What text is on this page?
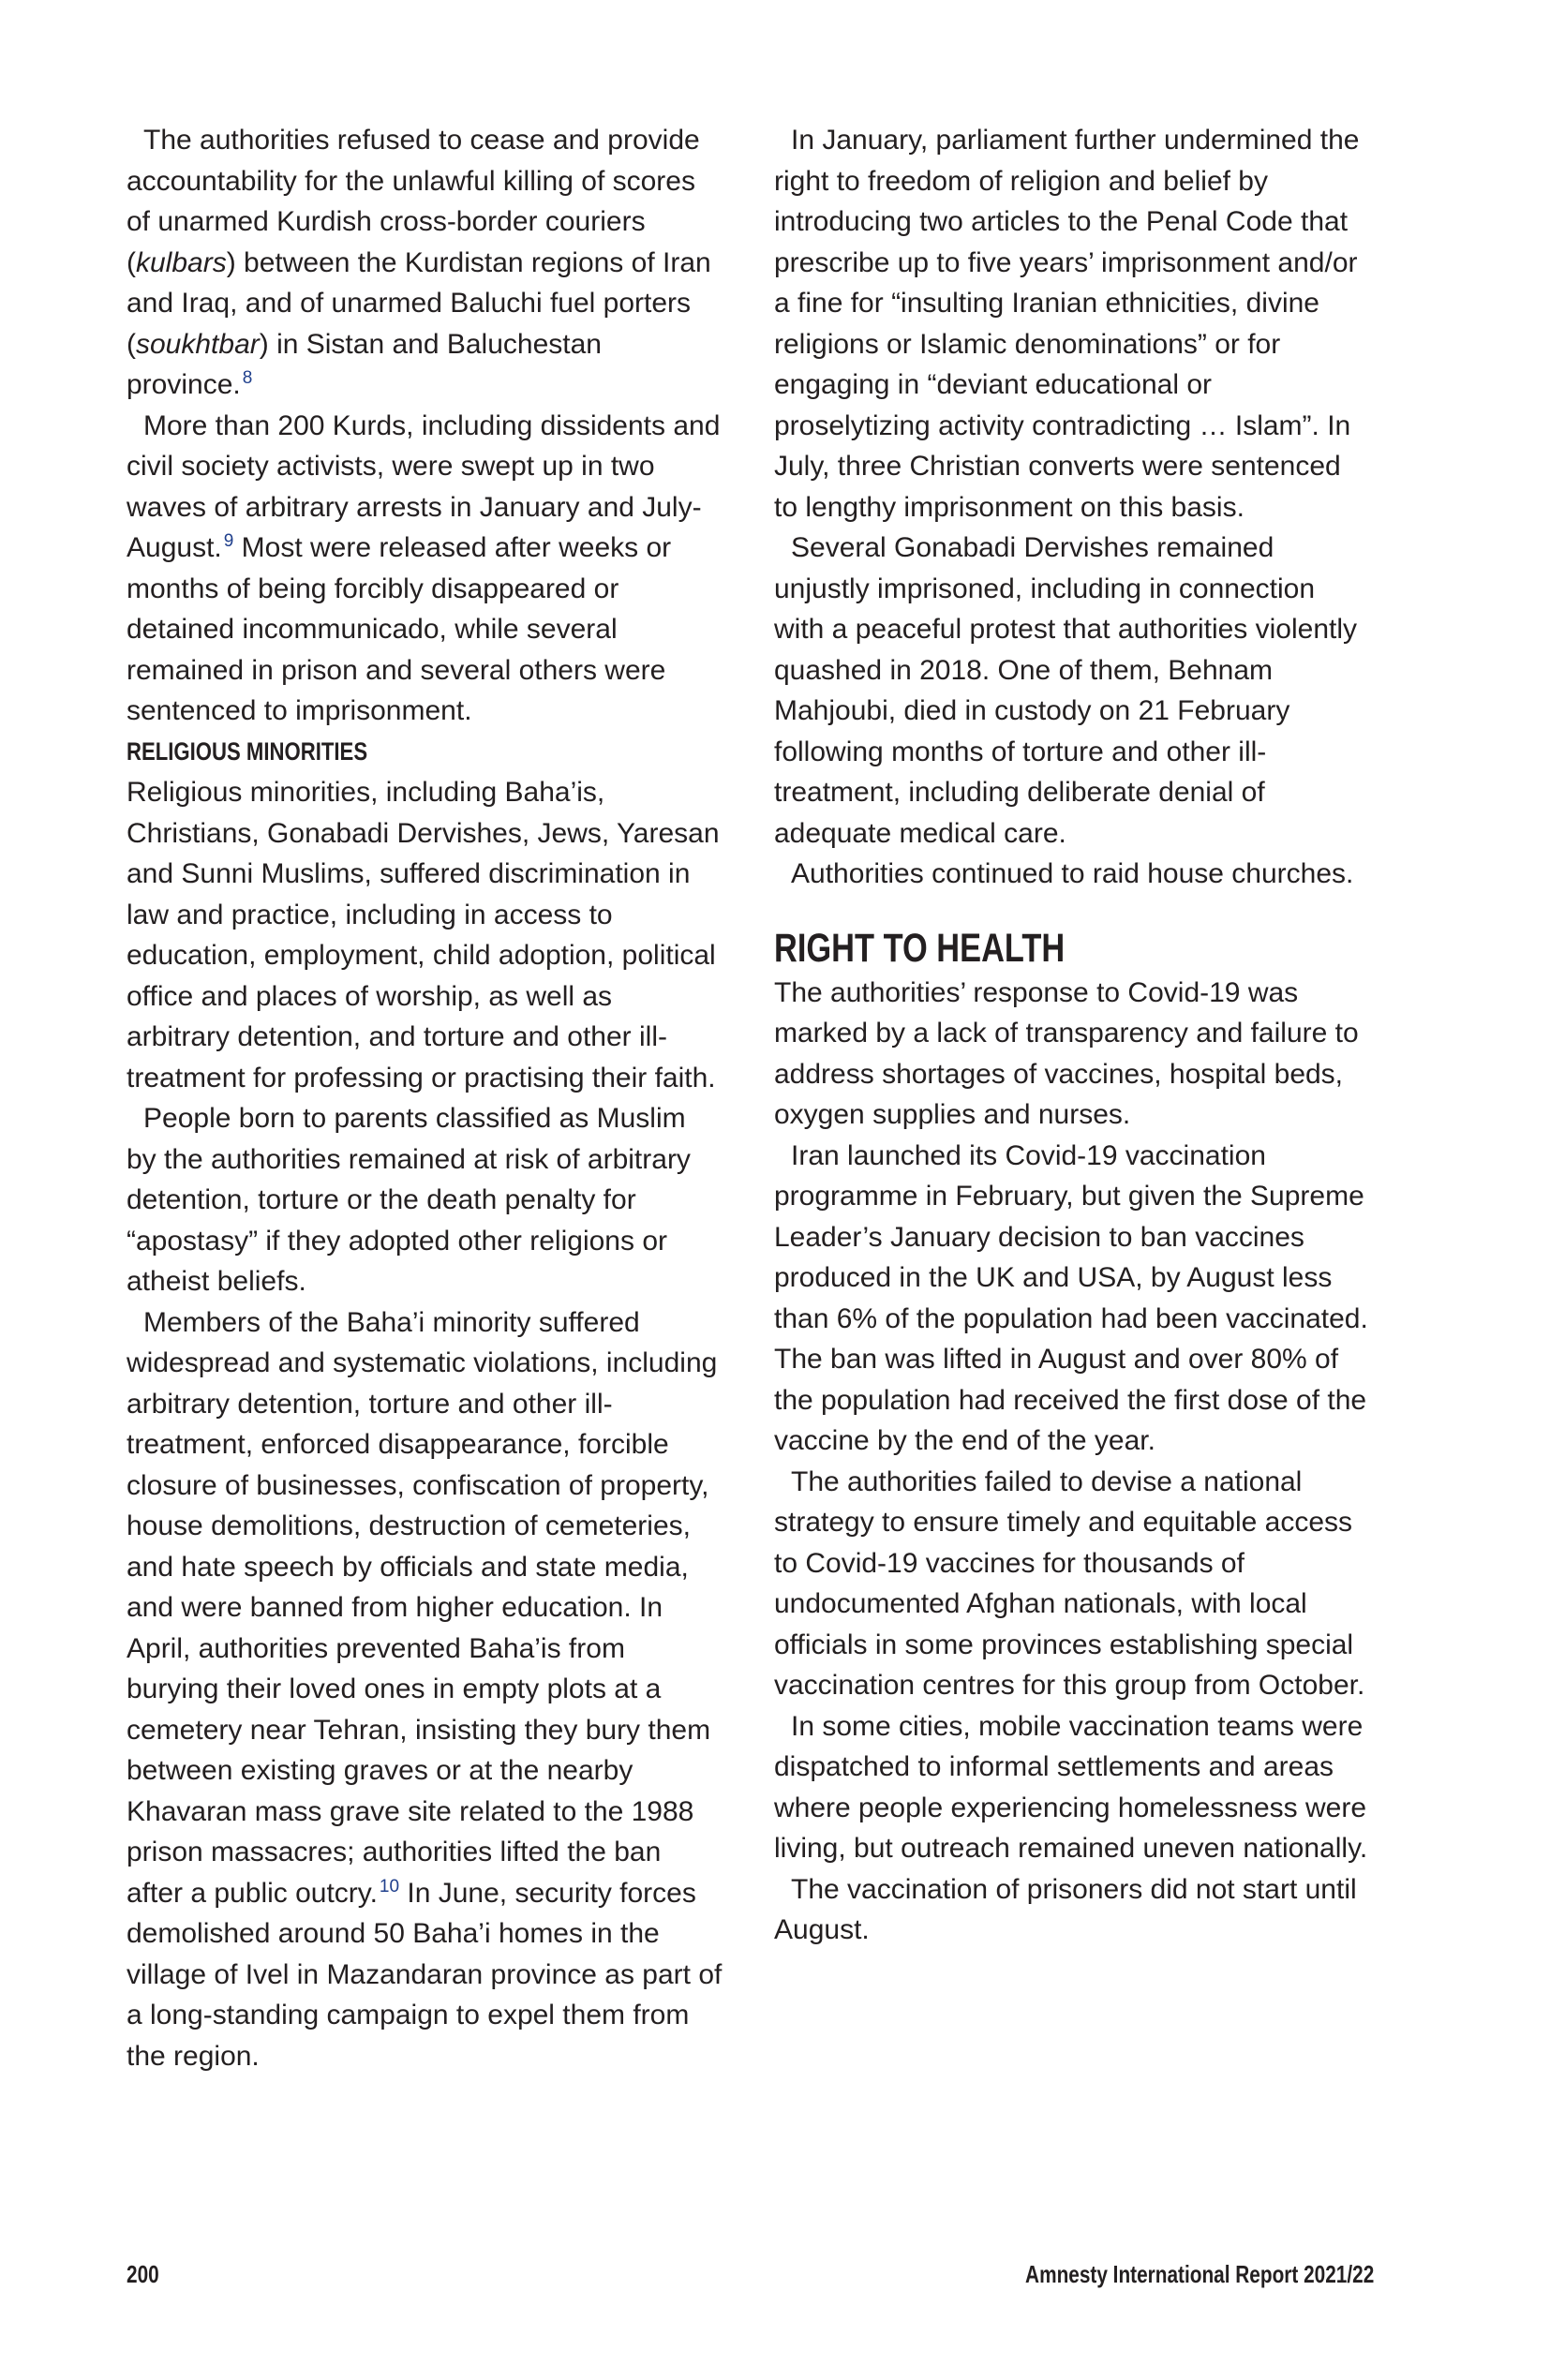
The authorities refused to cease and provide accountability for the unlawful killing of scores of unarmed Kurdish cross-border couriers (kulbars) between the Kurdistan regions of Iran and Iraq, and of unarmed Baluchi fuel porters (soukhtbar) in Sistan and Baluchestan province. $^8$

More than 200 Kurds, including dissidents and civil society activists, were swept up in two waves of arbitrary arrests in January and July-August. $^9$ Most were released after weeks or months of being forcibly disappeared or detained incommunicado, while several remained in prison and several others were sentenced to imprisonment.

RELIGIOUS MINORITIES

Religious minorities, including Baha’is, Christians, Gonabadi Dervishes, Jews, Yaresan and Sunni Muslims, suffered discrimination in law and practice, including in access to education, employment, child adoption, political office and places of worship, as well as arbitrary detention, and torture and other ill-treatment for professing or practising their faith.

People born to parents classified as Muslim by the authorities remained at risk of arbitrary detention, torture or the death penalty for “apostasy” if they adopted other religions or atheist beliefs.

Members of the Baha’i minority suffered widespread and systematic violations, including arbitrary detention, torture and other ill-treatment, enforced disappearance, forcible closure of businesses, confiscation of property, house demolitions, destruction of cemeteries, and hate speech by officials and state media, and were banned from higher education. In April, authorities prevented Baha’is from burying their loved ones in empty plots at a cemetery near Tehran, insisting they bury them between existing graves or at the nearby Khavaran mass grave site related to the 1988 prison massacres; authorities lifted the ban after a public outcry. $^{10}$ In June, security forces demolished around 50 Baha’i homes in the village of Ivel in Mazandaran province as part of a long-standing campaign to expel them from the region.

In January, parliament further undermined the right to freedom of religion and belief by introducing two articles to the Penal Code that prescribe up to five years’ imprisonment and/or a fine for “insulting Iranian ethnicities, divine religions or Islamic denominations” or for engaging in “deviant educational or proselytizing activity contradicting … Islam”. In July, three Christian converts were sentenced to lengthy imprisonment on this basis.

Several Gonabadi Dervishes remained unjustly imprisoned, including in connection with a peaceful protest that authorities violently quashed in 2018. One of them, Behnam Mahjoubi, died in custody on 21 February following months of torture and other ill-treatment, including deliberate denial of adequate medical care.

Authorities continued to raid house churches.

RIGHT TO HEALTH

The authorities’ response to Covid-19 was marked by a lack of transparency and failure to address shortages of vaccines, hospital beds, oxygen supplies and nurses.

Iran launched its Covid-19 vaccination programme in February, but given the Supreme Leader’s January decision to ban vaccines produced in the UK and USA, by August less than 6% of the population had been vaccinated. The ban was lifted in August and over 80% of the population had received the first dose of the vaccine by the end of the year.

The authorities failed to devise a national strategy to ensure timely and equitable access to Covid-19 vaccines for thousands of undocumented Afghan nationals, with local officials in some provinces establishing special vaccination centres for this group from October.

In some cities, mobile vaccination teams were dispatched to informal settlements and areas where people experiencing homelessness were living, but outreach remained uneven nationally.

The vaccination of prisoners did not start until August.

200	Amnesty International Report 2021/22
